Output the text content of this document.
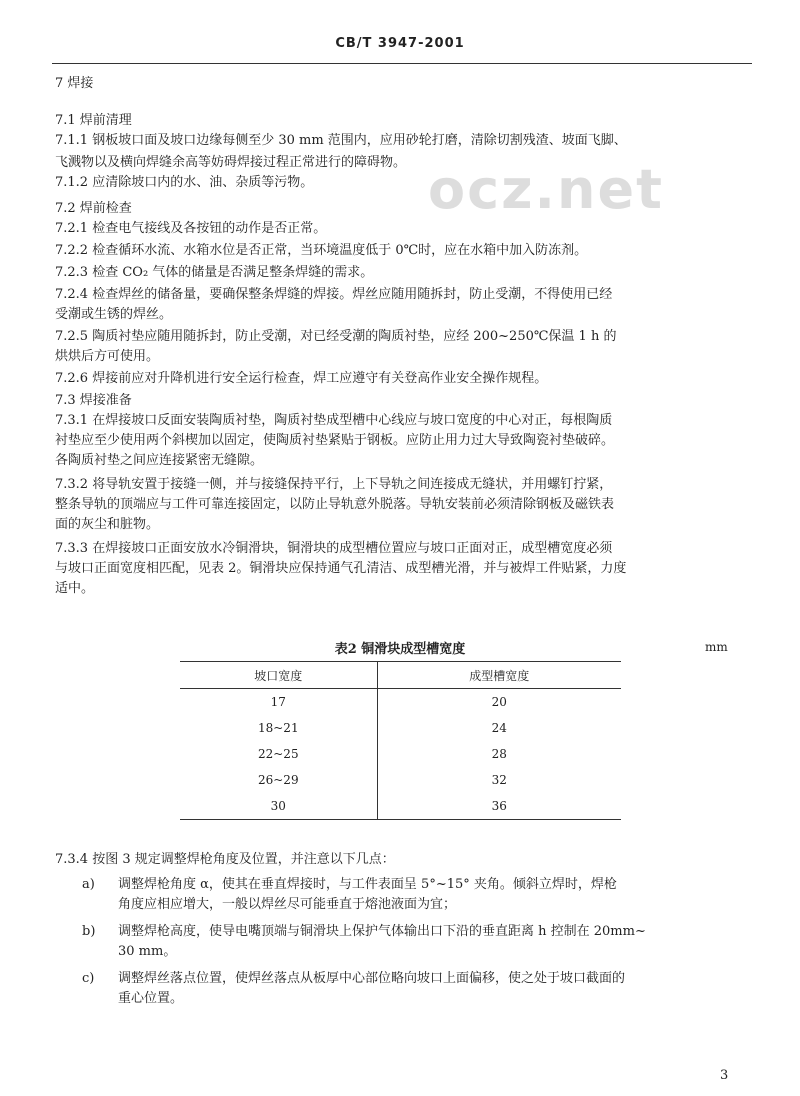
CB/T 3947-2001
ocz.net
7 焊接
7.1 焊前清理
7.1.1 钢板坡口面及坡口边缘每侧至少 30 mm 范围内，应用砂轮打磨，清除切割残渣、坡面飞脚、
飞溅物以及横向焊缝余高等妨碍焊接过程正常进行的障碍物。
7.1.2 应清除坡口内的水、油、杂质等污物。
7.2 焊前检查
7.2.1 检查电气接线及各按钮的动作是否正常。
7.2.2 检查循环水流、水箱水位是否正常，当环境温度低于 0℃时，应在水箱中加入防冻剂。
7.2.3 检查 CO₂ 气体的储量是否满足整条焊缝的需求。
7.2.4 检查焊丝的储备量，要确保整条焊缝的焊接。焊丝应随用随拆封，防止受潮，不得使用已经
受潮或生锈的焊丝。
7.2.5 陶质衬垫应随用随拆封，防止受潮，对已经受潮的陶质衬垫，应经 200~250℃保温 1 h 的
烘烘后方可使用。
7.2.6 焊接前应对升降机进行安全运行检查，焊工应遵守有关登高作业安全操作规程。
7.3 焊接准备
7.3.1 在焊接坡口反面安装陶质衬垫，陶质衬垫成型槽中心线应与坡口宽度的中心对正，每根陶质
衬垫应至少使用两个斜楔加以固定，使陶质衬垫紧贴于钢板。应防止用力过大导致陶瓷衬垫破碎。
各陶质衬垫之间应连接紧密无缝隙。
7.3.2 将导轨安置于接缝一侧，并与接缝保持平行，上下导轨之间连接成无缝状，并用螺钉拧紧，
整条导轨的顶端应与工件可靠连接固定，以防止导轨意外脱落。导轨安装前必须清除钢板及磁铁表
面的灰尘和脏物。
7.3.3 在焊接坡口正面安放水冷铜滑块，铜滑块的成型槽位置应与坡口正面对正，成型槽宽度必须
与坡口正面宽度相匹配，见表 2。铜滑块应保持通气孔清洁、成型槽光滑，并与被焊工件贴紧，力度
适中。
表2 铜滑块成型槽宽度	mm
坡口宽度	成型槽宽度
17	20
18~21	24
22~25	28
26~29	32
30	36
7.3.4 按图 3 规定调整焊枪角度及位置，并注意以下几点：
a) 调整焊枪角度 α，使其在垂直焊接时，与工件表面呈 5°~15° 夹角。倾斜立焊时，焊枪
角度应相应增大，一般以焊丝尽可能垂直于熔池液面为宜；
b) 调整焊枪高度，使导电嘴顶端与铜滑块上保护气体输出口下沿的垂直距离 h 控制在 20mm~
30 mm。
c) 调整焊丝落点位置，使焊丝落点从板厚中心部位略向坡口上面偏移，使之处于坡口截面的
重心位置。
3
